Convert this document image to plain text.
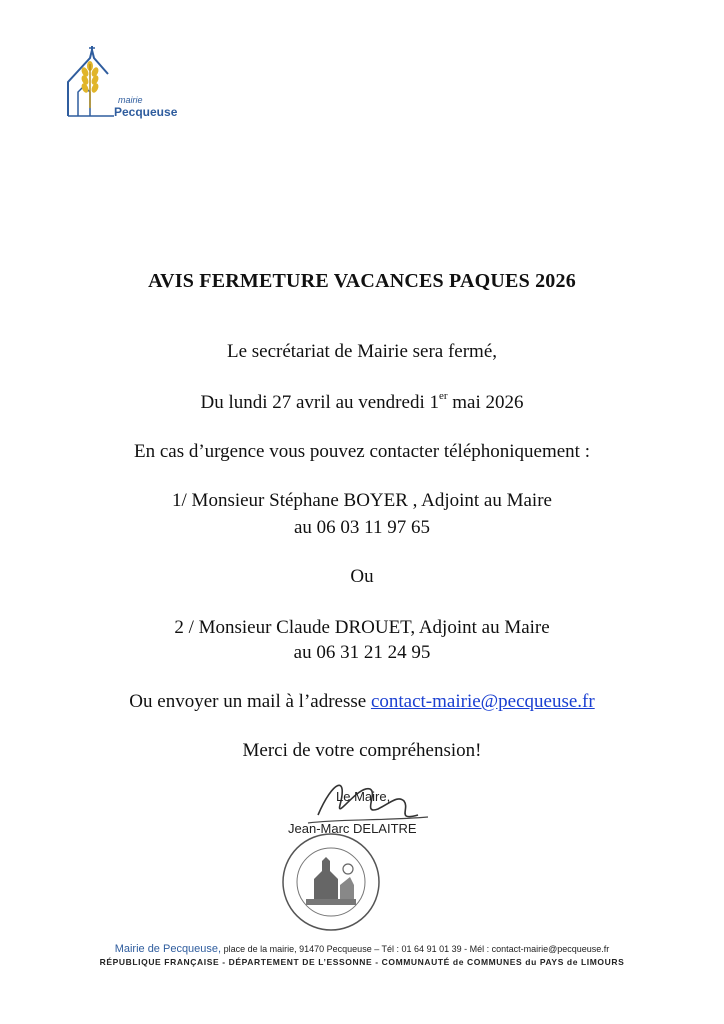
mairie
Pecqueuse
AVIS FERMETURE VACANCES PAQUES 2026
Le secrétariat de Mairie sera fermé,
Du lundi 27 avril au vendredi 1er mai 2026
En cas d’urgence vous pouvez contacter téléphoniquement :
1/ Monsieur Stéphane BOYER , Adjoint au Maire
au 06 03 11 97 65
Ou
2 / Monsieur Claude DROUET, Adjoint au Maire
au 06 31 21 24 95
Ou envoyer un mail à l’adresse contact-mairie@pecqueuse.fr
Merci de votre compréhension!
Le Maire,
Jean-Marc DELAITRE
Mairie de Pecqueuse, place de la mairie, 91470 Pecqueuse – Tél : 01 64 91 01 39 - Mél : contact-mairie@pecqueuse.fr
RÉPUBLIQUE FRANÇAISE - DÉPARTEMENT DE L’ESSONNE - COMMUNAUTÉ de COMMUNES du PAYS de LIMOURS
